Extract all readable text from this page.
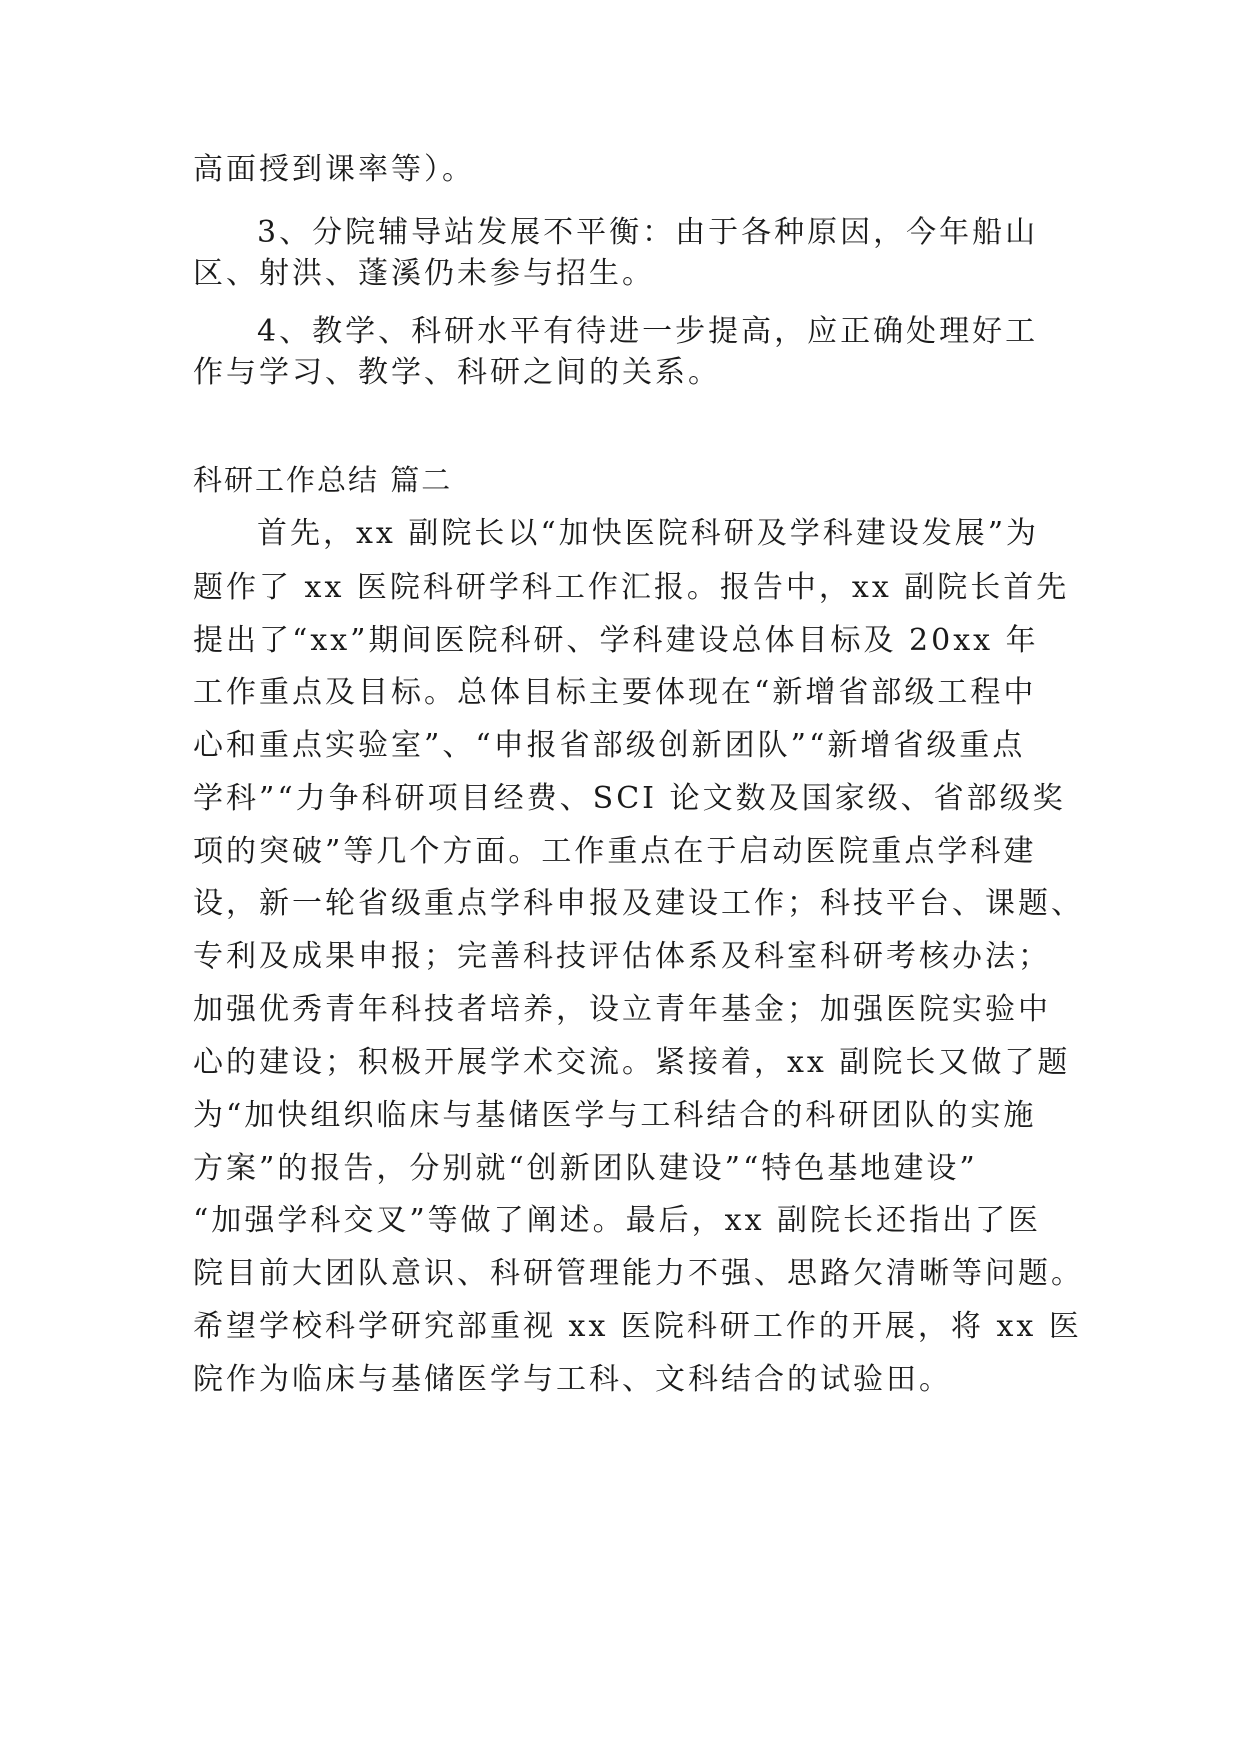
高面授到课率等）。
3、分院辅导站发展不平衡：由于各种原因，今年船山
区、射洪、蓬溪仍未参与招生。
4、教学、科研水平有待进一步提高，应正确处理好工
作与学习、教学、科研之间的关系。
科研工作总结 篇二
首先，xx 副院长以“加快医院科研及学科建设发展”为
题作了 xx 医院科研学科工作汇报。报告中，xx 副院长首先
提出了“xx”期间医院科研、学科建设总体目标及 20xx 年
工作重点及目标。总体目标主要体现在“新增省部级工程中
心和重点实验室”、“申报省部级创新团队”“新增省级重点
学科”“力争科研项目经费、SCI 论文数及国家级、省部级奖
项的突破”等几个方面。工作重点在于启动医院重点学科建
设，新一轮省级重点学科申报及建设工作；科技平台、课题、
专利及成果申报；完善科技评估体系及科室科研考核办法；
加强优秀青年科技者培养，设立青年基金；加强医院实验中
心的建设；积极开展学术交流。紧接着，xx 副院长又做了题
为“加快组织临床与基储医学与工科结合的科研团队的实施
方案”的报告，分别就“创新团队建设”“特色基地建设”
“加强学科交叉”等做了阐述。最后，xx 副院长还指出了医
院目前大团队意识、科研管理能力不强、思路欠清晰等问题。
希望学校科学研究部重视 xx 医院科研工作的开展，将 xx 医
院作为临床与基储医学与工科、文科结合的试验田。
